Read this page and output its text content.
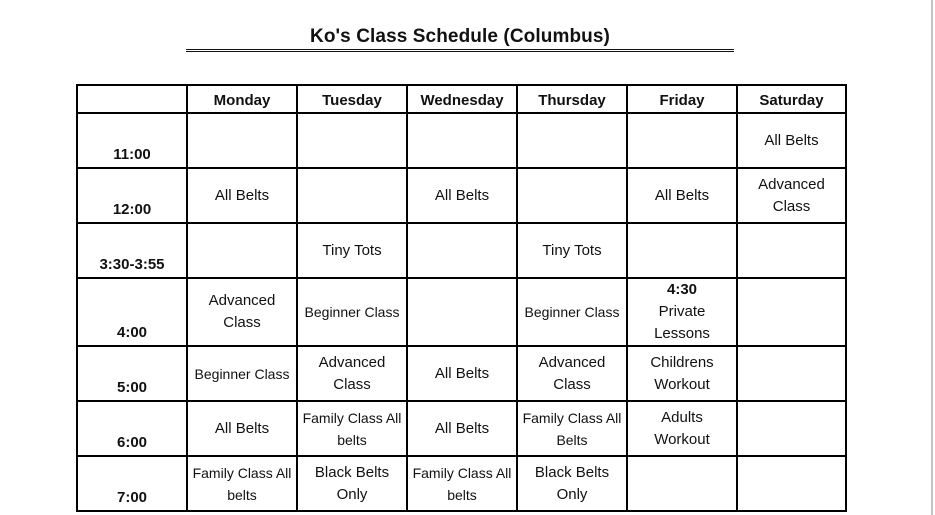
Ko's Class Schedule (Columbus)
	Monday	Tuesday	Wednesday	Thursday	Friday	Saturday
11:00						All Belts
12:00	All Belts		All Belts		All Belts	Advanced Class
3:30-3:55		Tiny Tots		Tiny Tots		
4:00	Advanced Class	Beginner Class		Beginner Class	4:30 Private Lessons	
5:00	Beginner Class	Advanced Class	All Belts	Advanced Class	Childrens Workout	
6:00	All Belts	Family Class All belts	All Belts	Family Class All Belts	Adults Workout	
7:00	Family Class All belts	Black Belts Only	Family Class All belts	Black Belts Only		
